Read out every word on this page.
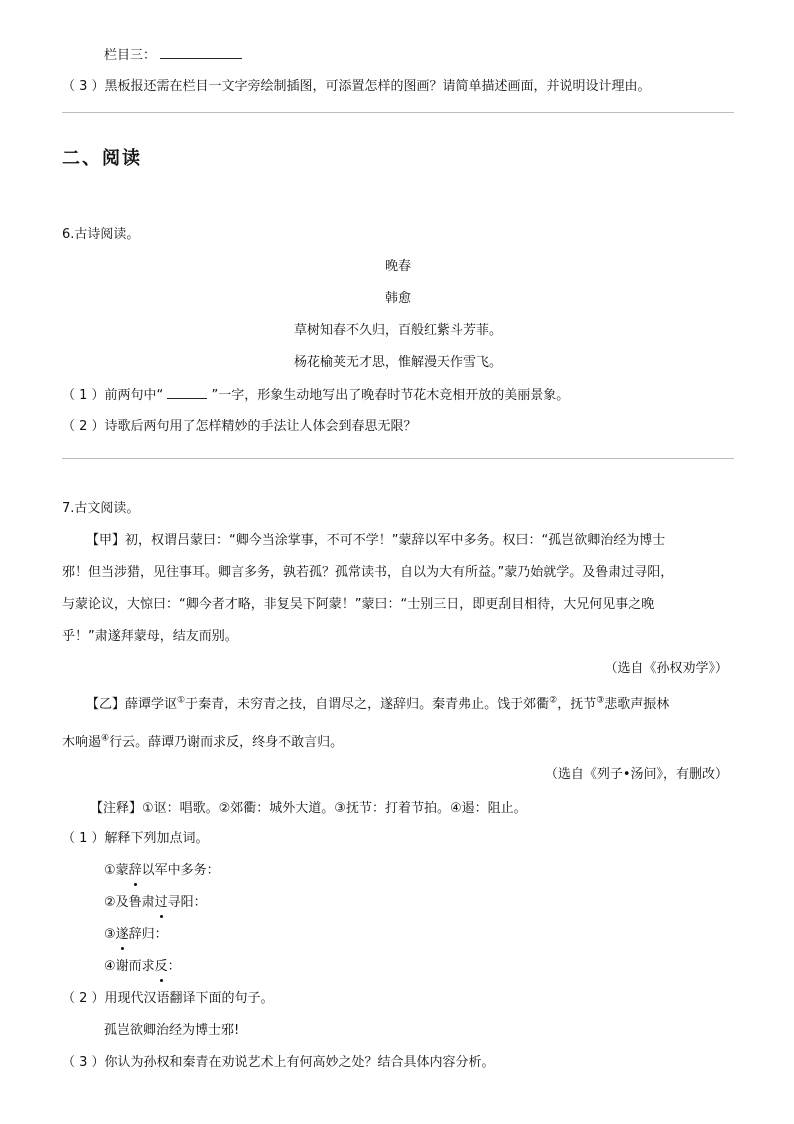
栏目三：
（ 3 ）黑板报还需在栏目一文字旁绘制插图，可添置怎样的图画？请简单描述画面，并说明设计理由。
二、阅读
6.古诗阅读。
晚春
韩愈
草树知春不久归，百般红紫斗芳菲。
杨花榆荚无才思，惟解漫天作雪飞。
（ 1 ）前两句中“	”一字，形象生动地写出了晚春时节花木竞相开放的美丽景象。
（ 2 ）诗歌后两句用了怎样精妙的手法让人体会到春思无限？
7.古文阅读。
【甲】初，权谓吕蒙曰：“卿今当涂掌事，不可不学！”蒙辞以军中多务。权曰：“孤岂欲卿治经为博士
邪！但当涉猎，见往事耳。卿言多务，孰若孤？孤常读书，自以为大有所益。”蒙乃始就学。及鲁肃过寻阳，
与蒙论议，大惊曰：“卿今者才略，非复吴下阿蒙！”蒙曰：“士别三日，即更刮目相待，大兄何见事之晚
乎！”肃遂拜蒙母，结友而别。
（选自《孙权劝学》）
【乙】薛谭学讴①于秦青，未穷青之技，自谓尽之，遂辞归。秦青弗止。饯于郊衢②，抚节③悲歌声振林
木响遏④行云。薛谭乃谢而求反，终身不敢言归。
（选自《列子•汤问》，有删改）
【注释】①讴：唱歌。②郊衢：城外大道。③抚节：打着节拍。④遏：阻止。
（ 1 ）解释下列加点词。
①蒙辞以军中多务：
②及鲁肃过寻阳：
③遂辞归：
④谢而求反：
（ 2 ）用现代汉语翻译下面的句子。
孤岂欲卿治经为博士邪!
（ 3 ）你认为孙权和秦青在劝说艺术上有何高妙之处？结合具体内容分析。
